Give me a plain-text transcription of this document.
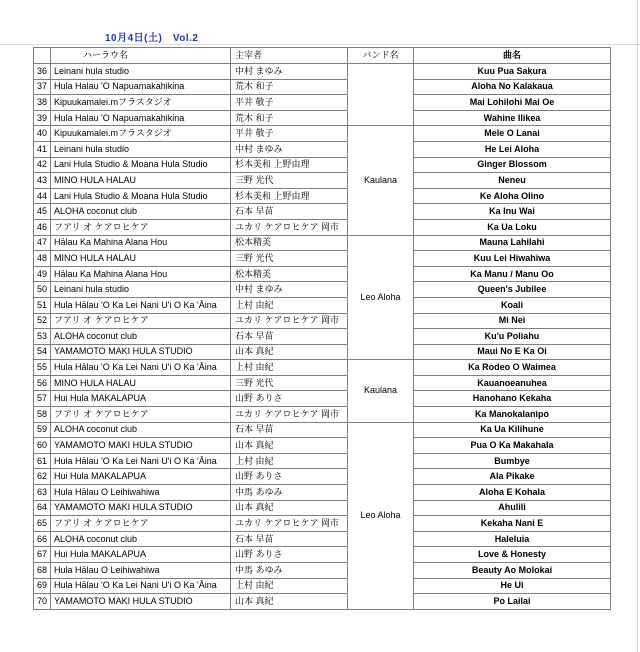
10月4日(土)　Vol.2
	ハーラウ名	主宰者	バンド名	曲名
36	Leinani hula studio	中村 まゆみ		Kuu Pua Sakura
37	Hula Halau 'O Napuamakahikina	荒木 和子		Aloha No Kalakaua
38	Kipuukamalei.mフラスタジオ	平井 敬子		Mai Lohilohi Mai Oe
39	Hula Halau 'O Napuamakahikina	荒木 和子		Wahine Ilikea
40	Kipuukamalei.mフラスタジオ	平井 敬子	Kaulana	Mele O Lanai
41	Leinani hula studio	中村 まゆみ		He Lei Aloha
42	Lani Hula Studio & Moana Hula Studio	杉本美和 上野由理		Ginger Blossom
43	MINO HULA HALAU	三野 光代		Neneu
44	Lani Hula Studio & Moana Hula Studio	杉本美和 上野由理		Ke Aloha Olino
45	ALOHA coconut club	石本 早苗		Ka Inu Wai
46	フアリ オ ケアロヒケア	ユカリ ケアロヒケア 岡市		Ka Ua Loku
47	Hālau Ka Mahina Alana Hou	松本精美	Leo Aloha	Mauna Lahilahi
48	MINO HULA HALAU	三野 光代		Kuu Lei Hiwahiwa
49	Hālau Ka Mahina Alana Hou	松本精美		Ka Manu / Manu Oo
50	Leinani hula studio	中村 まゆみ		Queen's Jubilee
51	Hula Hālau 'O Ka Lei Nani U'i O Ka 'Āina	上村 由紀		Koali
52	フアリ オ ケアロヒケア	ユカリ ケアロヒケア 岡市		Mi Nei
53	ALOHA coconut club	石本 早苗		Ku'u Poliahu
54	YAMAMOTO MAKI HULA STUDIO	山本 真紀		Maui No E Ka Oi
55	Hula Hālau 'O Ka Lei Nani U'i O Ka 'Āina	上村 由紀	Kaulana	Ka Rodeo O Waimea
56	MINO HULA HALAU	三野 光代		Kauanoeanuhea
57	Hui Hula MAKALAPUA	山野 ありさ		Hanohano Kekaha
58	フアリ オ ケアロヒケア	ユカリ ケアロヒケア 岡市		Ka Manokalanipo
59	ALOHA coconut club	石本 早苗	Leo Aloha	Ka Ua Kilihune
60	YAMAMOTO MAKI HULA STUDIO	山本 真紀		Pua O Ka Makahala
61	Hula Hālau 'O Ka Lei Nani U'i O Ka 'Āina	上村 由紀		Bumbye
62	Hui Hula MAKALAPUA	山野 ありさ		Ala Pikake
63	Hula Hālau O Leihiwahiwa	中馬 あゆみ		Aloha E Kohala
64	YAMAMOTO MAKI HULA STUDIO	山本 真紀		Ahulili
65	フアリ オ ケアロヒケア	ユカリ ケアロヒケア 岡市		Kekaha Nani E
66	ALOHA coconut club	石本 早苗		Haleluia
67	Hui Hula MAKALAPUA	山野 ありさ		Love & Honesty
68	Hula Hālau O Leihiwahiwa	中馬 あゆみ		Beauty Ao Molokai
69	Hula Hālau 'O Ka Lei Nani U'i O Ka 'Āina	上村 由紀		He Ui
70	YAMAMOTO MAKI HULA STUDIO	山本 真紀		Po Lailai
